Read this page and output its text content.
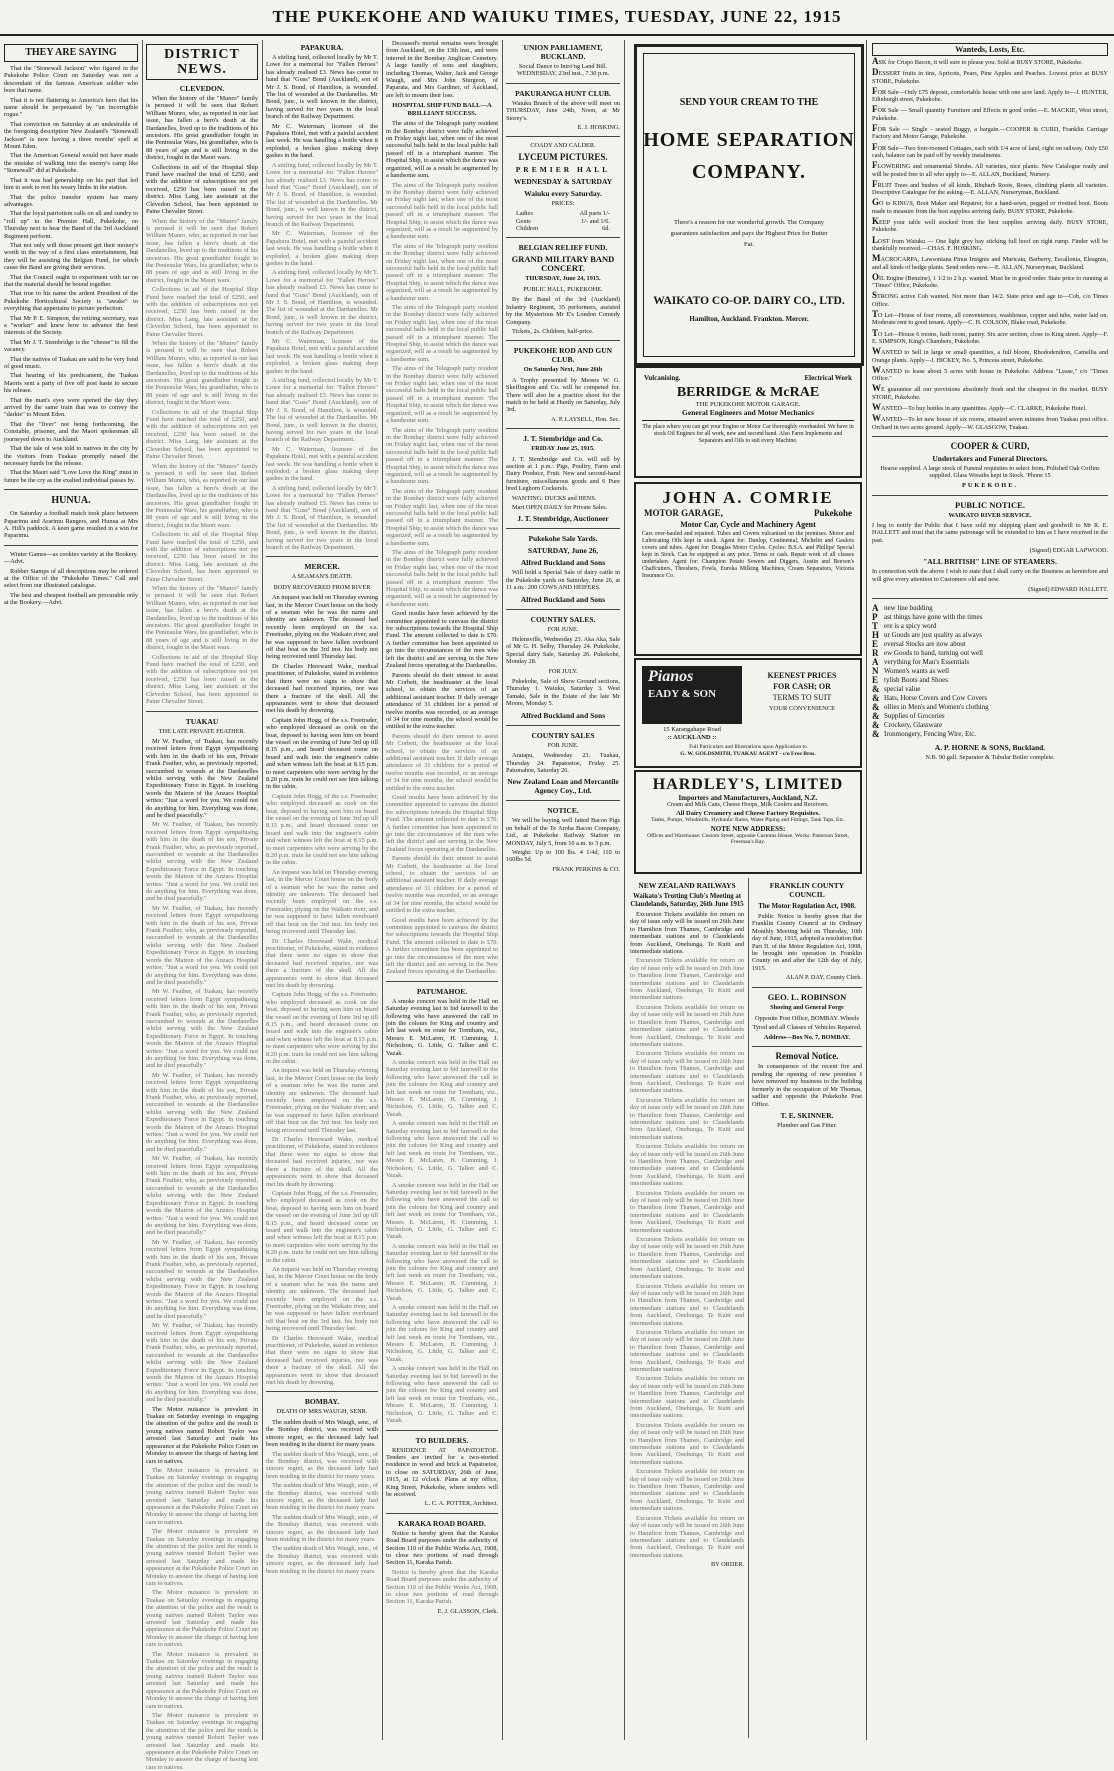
THE PUKEKOHE AND WAIUKU TIMES, TUESDAY, JUNE 22, 1915
THEY ARE SAYING

That the "Stonewall Jackson" who figured in the Pukekohe Police Court on Saturday was not a descendant of the famous American soldier who bore that name.

That it is not flattering to America's hero that his name should be perpetuated by "an incorrigible rogue."

That conviction on Saturday at an undesirable of the foregoing description New Zealand's "Stonewall Jackson" is now having a three months' spell at Mount Eden.

That the American General would not have made the mistake of walking into the enemy's camp like "Stonewall" did at Pukekohe.

That it was bad generalship on his part that led him to seek to rest his weary limbs in the station.

That the police transfer system has many advantages.

That the loyal patriotism calls on all and sundry to "roll up" to the Premier Hall, Pukekohe, on Thursday next to hear the Band of the 3rd Auckland Regiment perform.

That not only will those present get their money's worth in the way of a first class entertainment, but they will be assisting the Belgian Fund, for which cause the Band are giving their services.

That the Council ought to experiment with tar on that the material should be bound together.

That true to his name the ardent President of the Pukekohe Horticultural Society is "awake" to everything that appertains to picture perfection.

That Mr P. E. Simpson, the retiring secretary, was a "worker" and knew how to advance the best interests of the Society.

That Mr J. T. Stembridge is the "cheese" to fill the vacancy.

That the natives of Tuakau are said to be very fond of good music.

That hearing of his predicament, the Tuakau Maoris sent a party of five off post haste to secure his release.

That the man's eyes were opened the day they arrived by the same train that was to convey the "darkie" to Mount Eden.

That the "fiver" not being forthcoming, the Constable, prisoner, and the Maori spokesman all journeyed down to Auckland.

That the tale of woe told to natives in the city by the visitors from Tuakau promptly raised the necessary funds for the release.

That the Maori said "Love Love the King" must in future be the cry as the exalted individual passes by.

HUNUA.

On Saturday a football match took place between Paparimu and Ararimu Rangers, and Hunua at Mrs A. Hill's paddock. A keen game resulted in a win for Paparimu.

Winter Games—as cookies variety at the Bookery.—Advt.

Rubber Stamps of all descriptions may be ordered at the Office of the "Pukekohe Times." Call and select from our illustrated catalogue.

The best and cheapest football are procurable only at the Bookery.—Advt.

DISTRICT NEWS.
CLEVEDON.

When the history of the "Munro" family is perused it will be seen that Robert William Munro, who, as reported in our last issue, has fallen a hero's death at the Dardanelles, lived up to the traditions of his ancestors. His great grandfather fought in the Peninsular Wars, his grandfather, who is 88 years of age and is still living in the district, fought in the Maori wars.

Collections in aid of the Hospital Ship Fund have reached the total of £250, and with the addition of subscriptions not yet received, £250 has been raised in the district. Miss Lang, late assistant at the Clevedon School, has been appointed to Paine Chevalier Street.

When the history of the "Munro" family is perused it will be seen that Robert William Munro, who, as reported in our last issue, has fallen a hero's death at the Dardanelles, lived up to the traditions of his ancestors. His great grandfather fought in the Peninsular Wars, his grandfather, who is 88 years of age and is still living in the district, fought in the Maori wars.

Collections in aid of the Hospital Ship Fund have reached the total of £250, and with the addition of subscriptions not yet received, £250 has been raised in the district. Miss Lang, late assistant at the Clevedon School, has been appointed to Paine Chevalier Street.

When the history of the "Munro" family is perused it will be seen that Robert William Munro, who, as reported in our last issue, has fallen a hero's death at the Dardanelles, lived up to the traditions of his ancestors. His great grandfather fought in the Peninsular Wars, his grandfather, who is 88 years of age and is still living in the district, fought in the Maori wars.

Collections in aid of the Hospital Ship Fund have reached the total of £250, and with the addition of subscriptions not yet received, £250 has been raised in the district. Miss Lang, late assistant at the Clevedon School, has been appointed to Paine Chevalier Street.

When the history of the "Munro" family is perused it will be seen that Robert William Munro, who, as reported in our last issue, has fallen a hero's death at the Dardanelles, lived up to the traditions of his ancestors. His great grandfather fought in the Peninsular Wars, his grandfather, who is 88 years of age and is still living in the district, fought in the Maori wars.

Collections in aid of the Hospital Ship Fund have reached the total of £250, and with the addition of subscriptions not yet received, £250 has been raised in the district. Miss Lang, late assistant at the Clevedon School, has been appointed to Paine Chevalier Street.

When the history of the "Munro" family is perused it will be seen that Robert William Munro, who, as reported in our last issue, has fallen a hero's death at the Dardanelles, lived up to the traditions of his ancestors. His great grandfather fought in the Peninsular Wars, his grandfather, who is 88 years of age and is still living in the district, fought in the Maori wars.

Collections in aid of the Hospital Ship Fund have reached the total of £250, and with the addition of subscriptions not yet received, £250 has been raised in the district. Miss Lang, late assistant at the Clevedon School, has been appointed to Paine Chevalier Street.

TUAKAU
THE LATE PRIVATE FEATHER.

Mr W. Feather, of Tuakau, has recently received letters from Egypt sympathising with him in the death of his son, Private Frank Feather, who, as previously reported, succumbed to wounds at the Dardanelles whilst serving with the New Zealand Expeditionary Force in Egypt. In touching words the Matron of the Anzacs Hospital writes: "Just a word for you. We could not do anything for him. Everything was done, and he died peacefully."

Mr W. Feather, of Tuakau, has recently received letters from Egypt sympathising with him in the death of his son, Private Frank Feather, who, as previously reported, succumbed to wounds at the Dardanelles whilst serving with the New Zealand Expeditionary Force in Egypt. In touching words the Matron of the Anzacs Hospital writes: "Just a word for you. We could not do anything for him. Everything was done, and he died peacefully."

Mr W. Feather, of Tuakau, has recently received letters from Egypt sympathising with him in the death of his son, Private Frank Feather, who, as previously reported, succumbed to wounds at the Dardanelles whilst serving with the New Zealand Expeditionary Force in Egypt. In touching words the Matron of the Anzacs Hospital writes: "Just a word for you. We could not do anything for him. Everything was done, and he died peacefully."

Mr W. Feather, of Tuakau, has recently received letters from Egypt sympathising with him in the death of his son, Private Frank Feather, who, as previously reported, succumbed to wounds at the Dardanelles whilst serving with the New Zealand Expeditionary Force in Egypt. In touching words the Matron of the Anzacs Hospital writes: "Just a word for you. We could not do anything for him. Everything was done, and he died peacefully."

Mr W. Feather, of Tuakau, has recently received letters from Egypt sympathising with him in the death of his son, Private Frank Feather, who, as previously reported, succumbed to wounds at the Dardanelles whilst serving with the New Zealand Expeditionary Force in Egypt. In touching words the Matron of the Anzacs Hospital writes: "Just a word for you. We could not do anything for him. Everything was done, and he died peacefully."

Mr W. Feather, of Tuakau, has recently received letters from Egypt sympathising with him in the death of his son, Private Frank Feather, who, as previously reported, succumbed to wounds at the Dardanelles whilst serving with the New Zealand Expeditionary Force in Egypt. In touching words the Matron of the Anzacs Hospital writes: "Just a word for you. We could not do anything for him. Everything was done, and he died peacefully."

Mr W. Feather, of Tuakau, has recently received letters from Egypt sympathising with him in the death of his son, Private Frank Feather, who, as previously reported, succumbed to wounds at the Dardanelles whilst serving with the New Zealand Expeditionary Force in Egypt. In touching words the Matron of the Anzacs Hospital writes: "Just a word for you. We could not do anything for him. Everything was done, and he died peacefully."

Mr W. Feather, of Tuakau, has recently received letters from Egypt sympathising with him in the death of his son, Private Frank Feather, who, as previously reported, succumbed to wounds at the Dardanelles whilst serving with the New Zealand Expeditionary Force in Egypt. In touching words the Matron of the Anzacs Hospital writes: "Just a word for you. We could not do anything for him. Everything was done, and he died peacefully."

The Motor nuisance is prevalent in Tuakau on Saturday evenings in engaging the attention of the police and the result is young natives named Robert Taylor was arrested last Saturday and made his appearance at the Pukekohe Police Court on Monday to answer the charge of having lent cars to natives.

The Motor nuisance is prevalent in Tuakau on Saturday evenings in engaging the attention of the police and the result is young natives named Robert Taylor was arrested last Saturday and made his appearance at the Pukekohe Police Court on Monday to answer the charge of having lent cars to natives.

The Motor nuisance is prevalent in Tuakau on Saturday evenings in engaging the attention of the police and the result is young natives named Robert Taylor was arrested last Saturday and made his appearance at the Pukekohe Police Court on Monday to answer the charge of having lent cars to natives.

The Motor nuisance is prevalent in Tuakau on Saturday evenings in engaging the attention of the police and the result is young natives named Robert Taylor was arrested last Saturday and made his appearance at the Pukekohe Police Court on Monday to answer the charge of having lent cars to natives.

The Motor nuisance is prevalent in Tuakau on Saturday evenings in engaging the attention of the police and the result is young natives named Robert Taylor was arrested last Saturday and made his appearance at the Pukekohe Police Court on Monday to answer the charge of having lent cars to natives.

The Motor nuisance is prevalent in Tuakau on Saturday evenings in engaging the attention of the police and the result is young natives named Robert Taylor was arrested last Saturday and made his appearance at the Pukekohe Police Court on Monday to answer the charge of having lent cars to natives.

PAPAKURA.

A stirling fund, collected locally by Mr T. Lowe for a memorial for "Fallen Heroes" has already realised £3. News has come to hand that "Guss" Bond (Auckland), son of Mr J. S. Bond, of Hamilton, is wounded. The list of wounded at the Dardanelles. Mr Bond, junr., is well known in the district, having served for two years in the local branch of the Railway Department.

Mr C. Waterman, licensee of the Papakura Hotel, met with a painful accident last week. He was handling a bottle when it exploded, a broken glass making deep gashes in the hand.

A stirling fund, collected locally by Mr T. Lowe for a memorial for "Fallen Heroes" has already realised £3. News has come to hand that "Guss" Bond (Auckland), son of Mr J. S. Bond, of Hamilton, is wounded. The list of wounded at the Dardanelles. Mr Bond, junr., is well known in the district, having served for two years in the local branch of the Railway Department.

Mr C. Waterman, licensee of the Papakura Hotel, met with a painful accident last week. He was handling a bottle when it exploded, a broken glass making deep gashes in the hand.

A stirling fund, collected locally by Mr T. Lowe for a memorial for "Fallen Heroes" has already realised £3. News has come to hand that "Guss" Bond (Auckland), son of Mr J. S. Bond, of Hamilton, is wounded. The list of wounded at the Dardanelles. Mr Bond, junr., is well known in the district, having served for two years in the local branch of the Railway Department.

Mr C. Waterman, licensee of the Papakura Hotel, met with a painful accident last week. He was handling a bottle when it exploded, a broken glass making deep gashes in the hand.

A stirling fund, collected locally by Mr T. Lowe for a memorial for "Fallen Heroes" has already realised £3. News has come to hand that "Guss" Bond (Auckland), son of Mr J. S. Bond, of Hamilton, is wounded. The list of wounded at the Dardanelles. Mr Bond, junr., is well known in the district, having served for two years in the local branch of the Railway Department.

Mr C. Waterman, licensee of the Papakura Hotel, met with a painful accident last week. He was handling a bottle when it exploded, a broken glass making deep gashes in the hand.

A stirling fund, collected locally by Mr T. Lowe for a memorial for "Fallen Heroes" has already realised £3. News has come to hand that "Guss" Bond (Auckland), son of Mr J. S. Bond, of Hamilton, is wounded. The list of wounded at the Dardanelles. Mr Bond, junr., is well known in the district, having served for two years in the local branch of the Railway Department.

MERCER.
A SEAMAN'S DEATH.
BODY RECOVERED FROM RIVER

An inquest was held on Thursday evening last, in the Mercer Court house on the body of a seaman who he was the name and identity are unknown. The deceased had recently been employed on the s.s. Freetrader, plying on the Waikato river, and he was supposed to have fallen overboard off that boat on the 3rd inst. his body not being recovered until Thursday last.

Dr Charles Hereward Wake, medical practitioner, of Pukekohe, stated in evidence that there were no signs to show that deceased had received injuries, nor was there a fracture of the skull. All the appearances went to show that deceased met his death by drowning.

Captain John Hogg, of the s.s. Freetrader, who employed deceased as cook on the boat, deposed to having seen him on board the vessel on the evening of June 3rd up till 8.15 p.m., and heard deceased come on board and walk into the engineer's cabin and when witness left the boat at 8.15 p.m. to meet carpenters who were serving by the 8.20 p.m. train he could not see him talking in the cabin.

Captain John Hogg, of the s.s. Freetrader, who employed deceased as cook on the boat, deposed to having seen him on board the vessel on the evening of June 3rd up till 8.15 p.m., and heard deceased come on board and walk into the engineer's cabin and when witness left the boat at 8.15 p.m. to meet carpenters who were serving by the 8.20 p.m. train he could not see him talking in the cabin.

An inquest was held on Thursday evening last, in the Mercer Court house on the body of a seaman who he was the name and identity are unknown. The deceased had recently been employed on the s.s. Freetrader, plying on the Waikato river, and he was supposed to have fallen overboard off that boat on the 3rd inst. his body not being recovered until Thursday last.

Dr Charles Hereward Wake, medical practitioner, of Pukekohe, stated in evidence that there were no signs to show that deceased had received injuries, nor was there a fracture of the skull. All the appearances went to show that deceased met his death by drowning.

Captain John Hogg, of the s.s. Freetrader, who employed deceased as cook on the boat, deposed to having seen him on board the vessel on the evening of June 3rd up till 8.15 p.m., and heard deceased come on board and walk into the engineer's cabin and when witness left the boat at 8.15 p.m. to meet carpenters who were serving by the 8.20 p.m. train he could not see him talking in the cabin.

An inquest was held on Thursday evening last, in the Mercer Court house on the body of a seaman who he was the name and identity are unknown. The deceased had recently been employed on the s.s. Freetrader, plying on the Waikato river, and he was supposed to have fallen overboard off that boat on the 3rd inst. his body not being recovered until Thursday last.

Dr Charles Hereward Wake, medical practitioner, of Pukekohe, stated in evidence that there were no signs to show that deceased had received injuries, nor was there a fracture of the skull. All the appearances went to show that deceased met his death by drowning.

Captain John Hogg, of the s.s. Freetrader, who employed deceased as cook on the boat, deposed to having seen him on board the vessel on the evening of June 3rd up till 8.15 p.m., and heard deceased come on board and walk into the engineer's cabin and when witness left the boat at 8.15 p.m. to meet carpenters who were serving by the 8.20 p.m. train he could not see him talking in the cabin.

An inquest was held on Thursday evening last, in the Mercer Court house on the body of a seaman who he was the name and identity are unknown. The deceased had recently been employed on the s.s. Freetrader, plying on the Waikato river, and he was supposed to have fallen overboard off that boat on the 3rd inst. his body not being recovered until Thursday last.

Dr Charles Hereward Wake, medical practitioner, of Pukekohe, stated in evidence that there were no signs to show that deceased had received injuries, nor was there a fracture of the skull. All the appearances went to show that deceased met his death by drowning.

BOMBAY.
DEATH OF MRS WAUGH, SENR.

The sudden death of Mrs Waugh, senr., of the Bombay district, was received with sincere regret, as the deceased lady had been residing in the district for many years.

The sudden death of Mrs Waugh, senr., of the Bombay district, was received with sincere regret, as the deceased lady had been residing in the district for many years.

The sudden death of Mrs Waugh, senr., of the Bombay district, was received with sincere regret, as the deceased lady had been residing in the district for many years.

The sudden death of Mrs Waugh, senr., of the Bombay district, was received with sincere regret, as the deceased lady had been residing in the district for many years.

The sudden death of Mrs Waugh, senr., of the Bombay district, was received with sincere regret, as the deceased lady had been residing in the district for many years.

Deceased's mortal remains were brought from Auckland, on the 13th inst., and were interred in the Bombay Anglican Cemetery. A large family of sons and daughters, including Thomas, Walter, Jack and George Waugh, and Mrs John Sturgeon, of Paparata, and Mrs Gardiner, of Auckland, are left to mourn their loss.

HOSPITAL SHIP FUND BALL—A BRILLIANT SUCCESS.

The aims of the Telegraph party resident in the Bombay district were fully achieved on Friday night last, when one of the most successful balls held in the local public hall passed off in a triumphant manner. The Hospital Ship, to assist which the dance was organized, will as a result be augmented by a handsome sum.

The aims of the Telegraph party resident in the Bombay district were fully achieved on Friday night last, when one of the most successful balls held in the local public hall passed off in a triumphant manner. The Hospital Ship, to assist which the dance was organized, will as a result be augmented by a handsome sum.

The aims of the Telegraph party resident in the Bombay district were fully achieved on Friday night last, when one of the most successful balls held in the local public hall passed off in a triumphant manner. The Hospital Ship, to assist which the dance was organized, will as a result be augmented by a handsome sum.

The aims of the Telegraph party resident in the Bombay district were fully achieved on Friday night last, when one of the most successful balls held in the local public hall passed off in a triumphant manner. The Hospital Ship, to assist which the dance was organized, will as a result be augmented by a handsome sum.

The aims of the Telegraph party resident in the Bombay district were fully achieved on Friday night last, when one of the most successful balls held in the local public hall passed off in a triumphant manner. The Hospital Ship, to assist which the dance was organized, will as a result be augmented by a handsome sum.

The aims of the Telegraph party resident in the Bombay district were fully achieved on Friday night last, when one of the most successful balls held in the local public hall passed off in a triumphant manner. The Hospital Ship, to assist which the dance was organized, will as a result be augmented by a handsome sum.

The aims of the Telegraph party resident in the Bombay district were fully achieved on Friday night last, when one of the most successful balls held in the local public hall passed off in a triumphant manner. The Hospital Ship, to assist which the dance was organized, will as a result be augmented by a handsome sum.

The aims of the Telegraph party resident in the Bombay district were fully achieved on Friday night last, when one of the most successful balls held in the local public hall passed off in a triumphant manner. The Hospital Ship, to assist which the dance was organized, will as a result be augmented by a handsome sum.

Good results have been achieved by the committee appointed to canvass the district for subscriptions towards the Hospital Ship Fund. The amount collected to date is £70. A further committee has been appointed to go into the circumstances of the men who left the district and are serving in the New Zealand forces operating at the Dardanelles.

Parents should do their utmost to assist Mr Corbett, the headmaster at the local school, to obtain the services of an additional assistant teacher. If daily average attendance of 31 children for a period of twelve months was recorded, or an average of 34 for nine months, the school would be entitled to the extra teacher.

Parents should do their utmost to assist Mr Corbett, the headmaster at the local school, to obtain the services of an additional assistant teacher. If daily average attendance of 31 children for a period of twelve months was recorded, or an average of 34 for nine months, the school would be entitled to the extra teacher.

Good results have been achieved by the committee appointed to canvass the district for subscriptions towards the Hospital Ship Fund. The amount collected to date is £70. A further committee has been appointed to go into the circumstances of the men who left the district and are serving in the New Zealand forces operating at the Dardanelles.

Parents should do their utmost to assist Mr Corbett, the headmaster at the local school, to obtain the services of an additional assistant teacher. If daily average attendance of 31 children for a period of twelve months was recorded, or an average of 34 for nine months, the school would be entitled to the extra teacher.

Good results have been achieved by the committee appointed to canvass the district for subscriptions towards the Hospital Ship Fund. The amount collected to date is £70. A further committee has been appointed to go into the circumstances of the men who left the district and are serving in the New Zealand forces operating at the Dardanelles.

PATUMAHOE.

A smoke concert was held in the Hall on Saturday evening last to bid farewell to the following who have answered the call to join the colours for King and country and left last week en route for Trentham, viz., Messrs E. McLaren, H. Cumming, J. Nicholson, G. Little, G. Talker and C. Vazak.

A smoke concert was held in the Hall on Saturday evening last to bid farewell to the following who have answered the call to join the colours for King and country and left last week en route for Trentham, viz., Messrs E. McLaren, H. Cumming, J. Nicholson, G. Little, G. Talker and C. Vazak.

A smoke concert was held in the Hall on Saturday evening last to bid farewell to the following who have answered the call to join the colours for King and country and left last week en route for Trentham, viz., Messrs E. McLaren, H. Cumming, J. Nicholson, G. Little, G. Talker and C. Vazak.

A smoke concert was held in the Hall on Saturday evening last to bid farewell to the following who have answered the call to join the colours for King and country and left last week en route for Trentham, viz., Messrs E. McLaren, H. Cumming, J. Nicholson, G. Little, G. Talker and C. Vazak.

A smoke concert was held in the Hall on Saturday evening last to bid farewell to the following who have answered the call to join the colours for King and country and left last week en route for Trentham, viz., Messrs E. McLaren, H. Cumming, J. Nicholson, G. Little, G. Talker and C. Vazak.

A smoke concert was held in the Hall on Saturday evening last to bid farewell to the following who have answered the call to join the colours for King and country and left last week en route for Trentham, viz., Messrs E. McLaren, H. Cumming, J. Nicholson, G. Little, G. Talker and C. Vazak.

A smoke concert was held in the Hall on Saturday evening last to bid farewell to the following who have answered the call to join the colours for King and country and left last week en route for Trentham, viz., Messrs E. McLaren, H. Cumming, J. Nicholson, G. Little, G. Talker and C. Vazak.

TO BUILDERS.

RESIDENCE AT PAPATOETOE. Tenders are invited for a two-storied residence in wood and brick at Papatoetoe, to close on SATURDAY, 26th of June, 1915, at 12 o'clock. Plans at my office, King Street, Pukekohe, where tenders will be received.

L. C. A. POTTER, Architect.

KARAKA ROAD BOARD.

Notice is hereby given that the Karaka Road Board purposes under the authority of Section 110 of the Public Works Act, 1908, to close two portions of road through Section 11, Karaka Parish.

Notice is hereby given that the Karaka Road Board purposes under the authority of Section 110 of the Public Works Act, 1908, to close two portions of road through Section 11, Karaka Parish.

E. J. GLASSON, Clerk.

UNION PARLIAMENT, BUCKLAND.

Social Dance to Intro'ng Land Bill. WEDNESDAY, 23rd inst., 7.30 p.m.

PAKURANGA HUNT CLUB.

Waiuku Branch of the above will meet on THURSDAY, June 24th, Noon, at Mr Storey's.

E. J. HOSKING.

COADY AND CALDER.
LYCEUM PICTURES.
PREMIER HALL
WEDNESDAY & SATURDAY
Waiuku every Saturday.
PRICES:
Ladies	All parts 1/-
Gents	1/- and 1/6.
Children	6d.
BELGIAN RELIEF FUND.
GRAND MILITARY BAND CONCERT.
THURSDAY, June 24, 1915.
PUBLIC HALL, PUKEKOHE.

By the Band of the 3rd (Auckland) Infantry Regiment, 35 performers, assisted by the Mysterious Mr E's London Comedy Company.

Tickets, 2s. Children, half-price.

PUKEKOHE ROD AND GUN CLUB.
On Saturday Next, June 26th

A Trophy presented by Messrs W. G. Skeffington and Co. will be competed for. There will also be a practice shoot for the match to be held at Huntly on Saturday, July 3rd.

A. P. LAYSELL, Hon. Sec.

J. T. Stembridge and Co.
FRIDAY June 25, 1915.

J. T. Stembridge and Co. will sell by auction at 1 p.m.: Pigs, Poultry, Farm and Dairy Produce, Fruit. New and second-hand furniture, miscellaneous goods and 6 Pure bred Leghorn Cockerels.

WANTING: DUCKS and HENS.

Mart OPEN DAILY for Private Sales.

J. T. Stembridge, Auctioneer
Pukekohe Sale Yards.
SATURDAY, June 26,
Alfred Buckland and Sons

Will hold a Special Sale of dairy cattle in the Pukekohe yards on Saturday, June 26, at 11 a.m.: 200 COWS AND HEIFERS.

Alfred Buckland and Sons
COUNTRY SALES.
FOR JUNE.

Helensville, Wednesday 23. Aka Aka, Sale of Mr G. H. Selby, Thursday 24. Pukekohe, Special dairy Sale, Saturday 26. Pukekohe, Monday 28.

FOR JULY.

Pukekohe, Sale of Show Ground sections, Thursday 1. Waiuku, Saturday 3. West Tamaki, Sale in the Estate of the late Mr Moore, Monday 5.

Alfred Buckland and Sons
COUNTRY SALES
FOR JUNE.

Aratapu, Wednesday 23. Tuakau, Thursday 24. Papatoetoe, Friday 25. Patumahoe, Saturday 26.

New Zealand Loan and Mercantile Agency Coy., Ltd.
NOTICE.

We will be buying well fatted Bacon Pigs on behalf of the Te Aroha Bacon Company, Ltd., at Pukekohe Railway Station on MONDAY, July 5, from 10 a.m. to 3 p.m.

Weight: Up to 100 lbs. 4 1/4d, 110 to 160lbs 5d.

FRANK PERKINS & CO.

SEND YOUR CREAM TO THE
HOME SEPARATION
COMPANY.
There's a reason for our wonderful growth. The Company guarantees satisfaction and pays the Highest Price for Butter Fat.
WAIKATO CO-OP. DAIRY CO., LTD.
Hamilton, Auckland. Frankton. Mercer.
Vulcanising.	Electrical Work
BERRIDGE & McRAE
THE PUKEKOHE MOTOR GARAGE.
General Engineers and Motor Mechanics
The place where you can get your Engine or Motor Car thoroughly overhauled. We have in stock Oil Engines for all work, new and second hand. Also Farm Implements and Separators and Oils to suit every Machine.
JOHN A. COMRIE
MOTOR GARAGE,	Pukekohe
Motor Car, Cycle and Machinery Agent
Cars over-hauled and repaired. Tubes and Covers vulcanised on the premises. Motor and Lubricating Oils kept in stock. Agent for: Dunlop, Continental, Michelin and Gaulois covers and tubes. Agent for: Douglas Motor Cycles. Cycles: B.S.A. and Phillips' Special kept in Stock. Can be equipped at any price. Terms or cash. Repair work of all classes undertaken. Agent for: Champion Potato Sowers and Diggers, Austin and Beeven's Chaffcutters, Threshers, Fowls, Eureka Milking Machines, Cream Separators, Victoria Insurance Co.
Pianos
EADY & SON
15 Karangahape Road
:: AUCKLAND ::
KEENEST PRICES
FOR CASH; OR
TERMS TO SUIT
YOUR CONVENIENCE
Full Particulars and Illustrations upon Application to
G. W. GOLDSMITH, TUAKAU AGENT - c/o Free Bros.
HARDLEY'S, LIMITED
Importers and Manufacturers, Auckland, N.Z.
Cream and Milk Cans, Cheese Hoops, Milk Coolers and Receivers.
All Dairy Creamery and Cheese Factory Requisites.
Tanks, Pumps, Windmills, Hydraulic Rams, Water Piping and Fittings, Tank Taps, Etc.
NOTE NEW ADDRESS:
Offices and Warehouse: Custom Street, opposite Customs House. Works: Patterson Street, Freeman's Bay.
NEW ZEALAND RAILWAYS
Waikato's Trotting Club's Meeting at Claudelands, Saturday, 26th June 1915

Excursion Tickets available for return on day of issue only will be issued on 26th June to Hamilton from Thames, Cambridge and intermediate stations and to Claudelands from Auckland, Onehunga, Te Kuiti and intermediate stations.

Excursion Tickets available for return on day of issue only will be issued on 26th June to Hamilton from Thames, Cambridge and intermediate stations and to Claudelands from Auckland, Onehunga, Te Kuiti and intermediate stations.

Excursion Tickets available for return on day of issue only will be issued on 26th June to Hamilton from Thames, Cambridge and intermediate stations and to Claudelands from Auckland, Onehunga, Te Kuiti and intermediate stations.

Excursion Tickets available for return on day of issue only will be issued on 26th June to Hamilton from Thames, Cambridge and intermediate stations and to Claudelands from Auckland, Onehunga, Te Kuiti and intermediate stations.

Excursion Tickets available for return on day of issue only will be issued on 26th June to Hamilton from Thames, Cambridge and intermediate stations and to Claudelands from Auckland, Onehunga, Te Kuiti and intermediate stations.

Excursion Tickets available for return on day of issue only will be issued on 26th June to Hamilton from Thames, Cambridge and intermediate stations and to Claudelands from Auckland, Onehunga, Te Kuiti and intermediate stations.

Excursion Tickets available for return on day of issue only will be issued on 26th June to Hamilton from Thames, Cambridge and intermediate stations and to Claudelands from Auckland, Onehunga, Te Kuiti and intermediate stations.

Excursion Tickets available for return on day of issue only will be issued on 26th June to Hamilton from Thames, Cambridge and intermediate stations and to Claudelands from Auckland, Onehunga, Te Kuiti and intermediate stations.

Excursion Tickets available for return on day of issue only will be issued on 26th June to Hamilton from Thames, Cambridge and intermediate stations and to Claudelands from Auckland, Onehunga, Te Kuiti and intermediate stations.

Excursion Tickets available for return on day of issue only will be issued on 26th June to Hamilton from Thames, Cambridge and intermediate stations and to Claudelands from Auckland, Onehunga, Te Kuiti and intermediate stations.

Excursion Tickets available for return on day of issue only will be issued on 26th June to Hamilton from Thames, Cambridge and intermediate stations and to Claudelands from Auckland, Onehunga, Te Kuiti and intermediate stations.

Excursion Tickets available for return on day of issue only will be issued on 26th June to Hamilton from Thames, Cambridge and intermediate stations and to Claudelands from Auckland, Onehunga, Te Kuiti and intermediate stations.

Excursion Tickets available for return on day of issue only will be issued on 26th June to Hamilton from Thames, Cambridge and intermediate stations and to Claudelands from Auckland, Onehunga, Te Kuiti and intermediate stations.

Excursion Tickets available for return on day of issue only will be issued on 26th June to Hamilton from Thames, Cambridge and intermediate stations and to Claudelands from Auckland, Onehunga, Te Kuiti and intermediate stations.

BY ORDER.

FRANKLIN COUNTY COUNCIL
The Motor Regulation Act, 1908.

Public Notice is hereby given that the Franklin County Council at its Ordinary Monthly Meeting held on Thursday, 10th day of June, 1915, adopted a resolution that Part II. of the Motor Regulation Act, 1908, be brought into operation in Franklin County on and after the 12th day of July, 1915.

ALAN P. DAY, County Clerk.

GEO. L. ROBINSON
Shoeing and General Forge

Opposite Post Office, BOMBAY. Wheels Tyred and all Classes of Vehicles Repaired.

Address—Box No. 7, BOMBAY.

Removal Notice.

In consequence of the recent fire and pending the opening of new premises I have removed my business to the building formerly in the occupation of Mr Thomas, sadlier and opposite the Pukekohe Post Office.

T. E. SKINNER.
Plumber and Gas Fitter.
Wanteds, Losts, Etc.

ASK for Crispo Bacon, it will sure to please you. Sold at BUSY STORE, Pukekohe.

DESSERT fruits in tins, Apricots, Pears, Pine Apples and Peaches. Lowest price at BUSY STORE, Pukekohe.

FOR Sale—Only £75 deposit, comfortable house with one acre land. Apply to—J. HUNTER, Edinburgh street, Pukekohe.

FOR Sale — Small quantity Furniture and Effects in good order.—E. MACKIE, West street, Pukekohe.

FOR Sale — Single - seated Buggy, a bargain.—COOPER & CURD, Franklin Carriage Factory and Motor Garage, Pukekohe.

FOR Sale—Two four-roomed Cottages, each with 1/4 acre of land, right on railway. Only £50 cash, balance can be paid off by weekly instalments.

FLOWERING and ornamental Shrubs. All varieties, nice plants. New Catalogue ready and will be posted free to all who apply to—E. ALLAN, Buckland, Nursery.

FRUIT Trees and bushes of all kinds, Rhubarb Roots, Roses, climbing plants all varieties. Descriptive Catalogue for the asking.—E. ALLAN, Nurseryman, Buckland.

GO to KING'S, Boot Maker and Repairer, for a hand-sewn, pegged or rivetted boot. Boots made to measure from the best supplies arriving daily. BUSY STORE, Pukekohe.

KEEP your table well stocked from the best supplies arriving daily. BUSY STORE, Pukekohe.

LOST from Waiuku — One light grey bay sticking full hoof on right rump. Finder will be thankfully received.—CHAS. F. HOSKING.

MACROCARPA, Lawsoniana Pinus Insignis and Muricata, Barberry, Escallonia, Eleagnus, and all kinds of hedge plants. Send orders now.—E. ALLAN, Nurseryman, Buckland.

OIL Engine (Benzine), 1 1/2 to 2 h.p. wanted. Must be in good order. State price to running at "Times" Office, Pukekohe.

STRONG active Cob wanted. Not more than 14/2. State price and age to—Cob, c/o Times Office.

TO Let—House of four rooms, all conveniences, washhouse, copper and tubs, water laid on. Moderate rent to good tenant. Apply—C. H. COLSON, Blake road, Pukekohe.

TO Let—House 6 rooms, bath room, pantry. Six acre section, close to King street. Apply—F. E. SIMPSON, King's Chambers, Pukekohe.

WANTED to Sell in large or small quantities, a full bloom, Rhododendron, Camellia and Orange plants. Apply—J. HICKEY, No. 5, Princess street, Pukekohe.

WANTED to lease about 5 acres with house in Pukekohe. Address "Lease," c/o "Times Office."

WE guarantee all our provisions absolutely fresh and the cheapest in the market. BUSY STORE, Pukekohe.

WANTED—To buy bottles in any quantities. Apply—C. CLARKE, Pukekohe Hotel.

WANTED—To let new house of six rooms, situated seven minutes from Tuakau post office. Orchard in two acres ground. Apply—W. GLASGOW, Tuakau.

COOPER & CURD,
Undertakers and Funeral Directors.

Hearse supplied. A large stock of Funeral requisites to select from. Polished Oak Coffins supplied. Glass Wreaths kept in Stock. 'Phone 15

PUKEKOHE.
PUBLIC NOTICE.
WAIKATO RIVER SERVICE.

I beg to notify the Public that I have sold my shipping plant and goodwill to Mr R. E. HALLETT and trust that the same patronage will be extended to him as I have received in the past.

(Signed) EDGAR LAPWOOD.

"ALL BRITISH" LINE OF STEAMERS.

In connection with the above I wish to state that I shall carry on the Business as heretofore and will give every attention to Customers old and new.

(Signed) EDWARD HALLETT.

A new line budding
P ast things have gone with the times
T ere is a spicy word
H ur Goods are just quality as always
E eversal Stocks are now about
R ew Goods to hand, turning out well
A verything for Man's Essentials
N Women's wants as well
E tylish Boots and Shoes
& special value
& Hats, Horse Covers and Cow Covers
& ollies in Men's and Women's clothing
& Supplies of Groceries
& Crockery, Glassware
& Ironmongery, Fencing Wire, Etc.
A. P. HORNE & SONS, Buckland.
N.B. 90 gall. Separator & Tubular Boiler complete.
